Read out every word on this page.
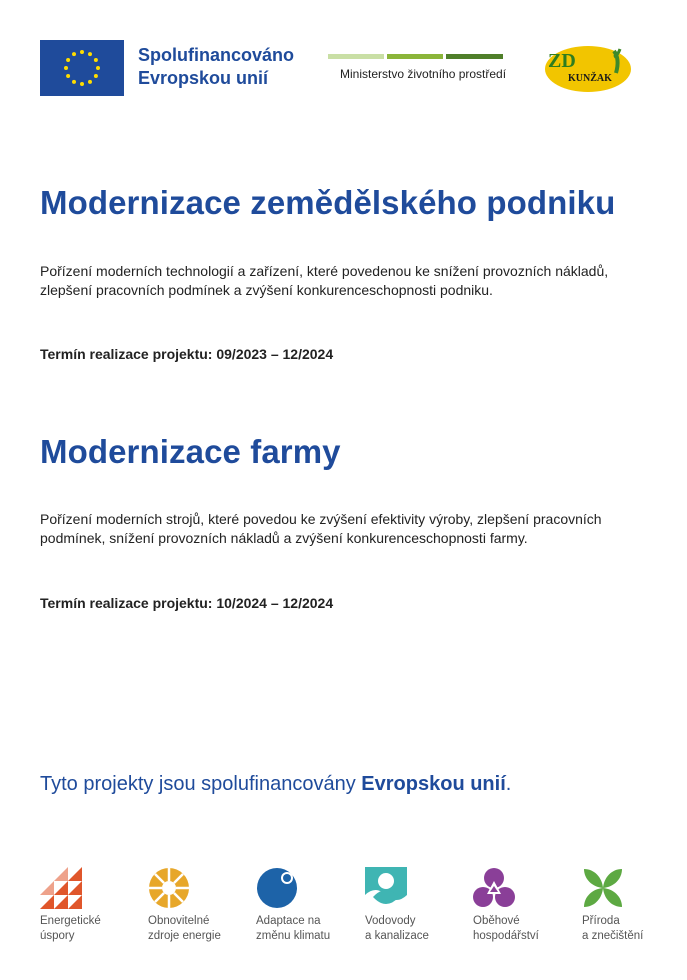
Spolufinancováno
Evropskou unií	Ministerstvo životního prostředí
ZD
KUNŽAK
Modernizace zemědělského podniku
Pořízení moderních technologií a zařízení, které povedenou ke snížení provozních nákladů, zlepšení pracovních podmínek a zvýšení konkurenceschopnosti podniku.
Termín realizace projektu: 09/2023 – 12/2024
Modernizace farmy
Pořízení moderních strojů, které povedou ke zvýšení efektivity výroby, zlepšení pracovních podmínek, snížení provozních nákladů a zvýšení konkurenceschopnosti farmy.
Termín realizace projektu: 10/2024 – 12/2024
Tyto projekty jsou spolufinancovány Evropskou unií.
Energetické
úspory
Obnovitelné
zdroje energie
Adaptace na
změnu klimatu
Vodovody
a kanalizace
Oběhové
hospodářství
Příroda
a znečištění
